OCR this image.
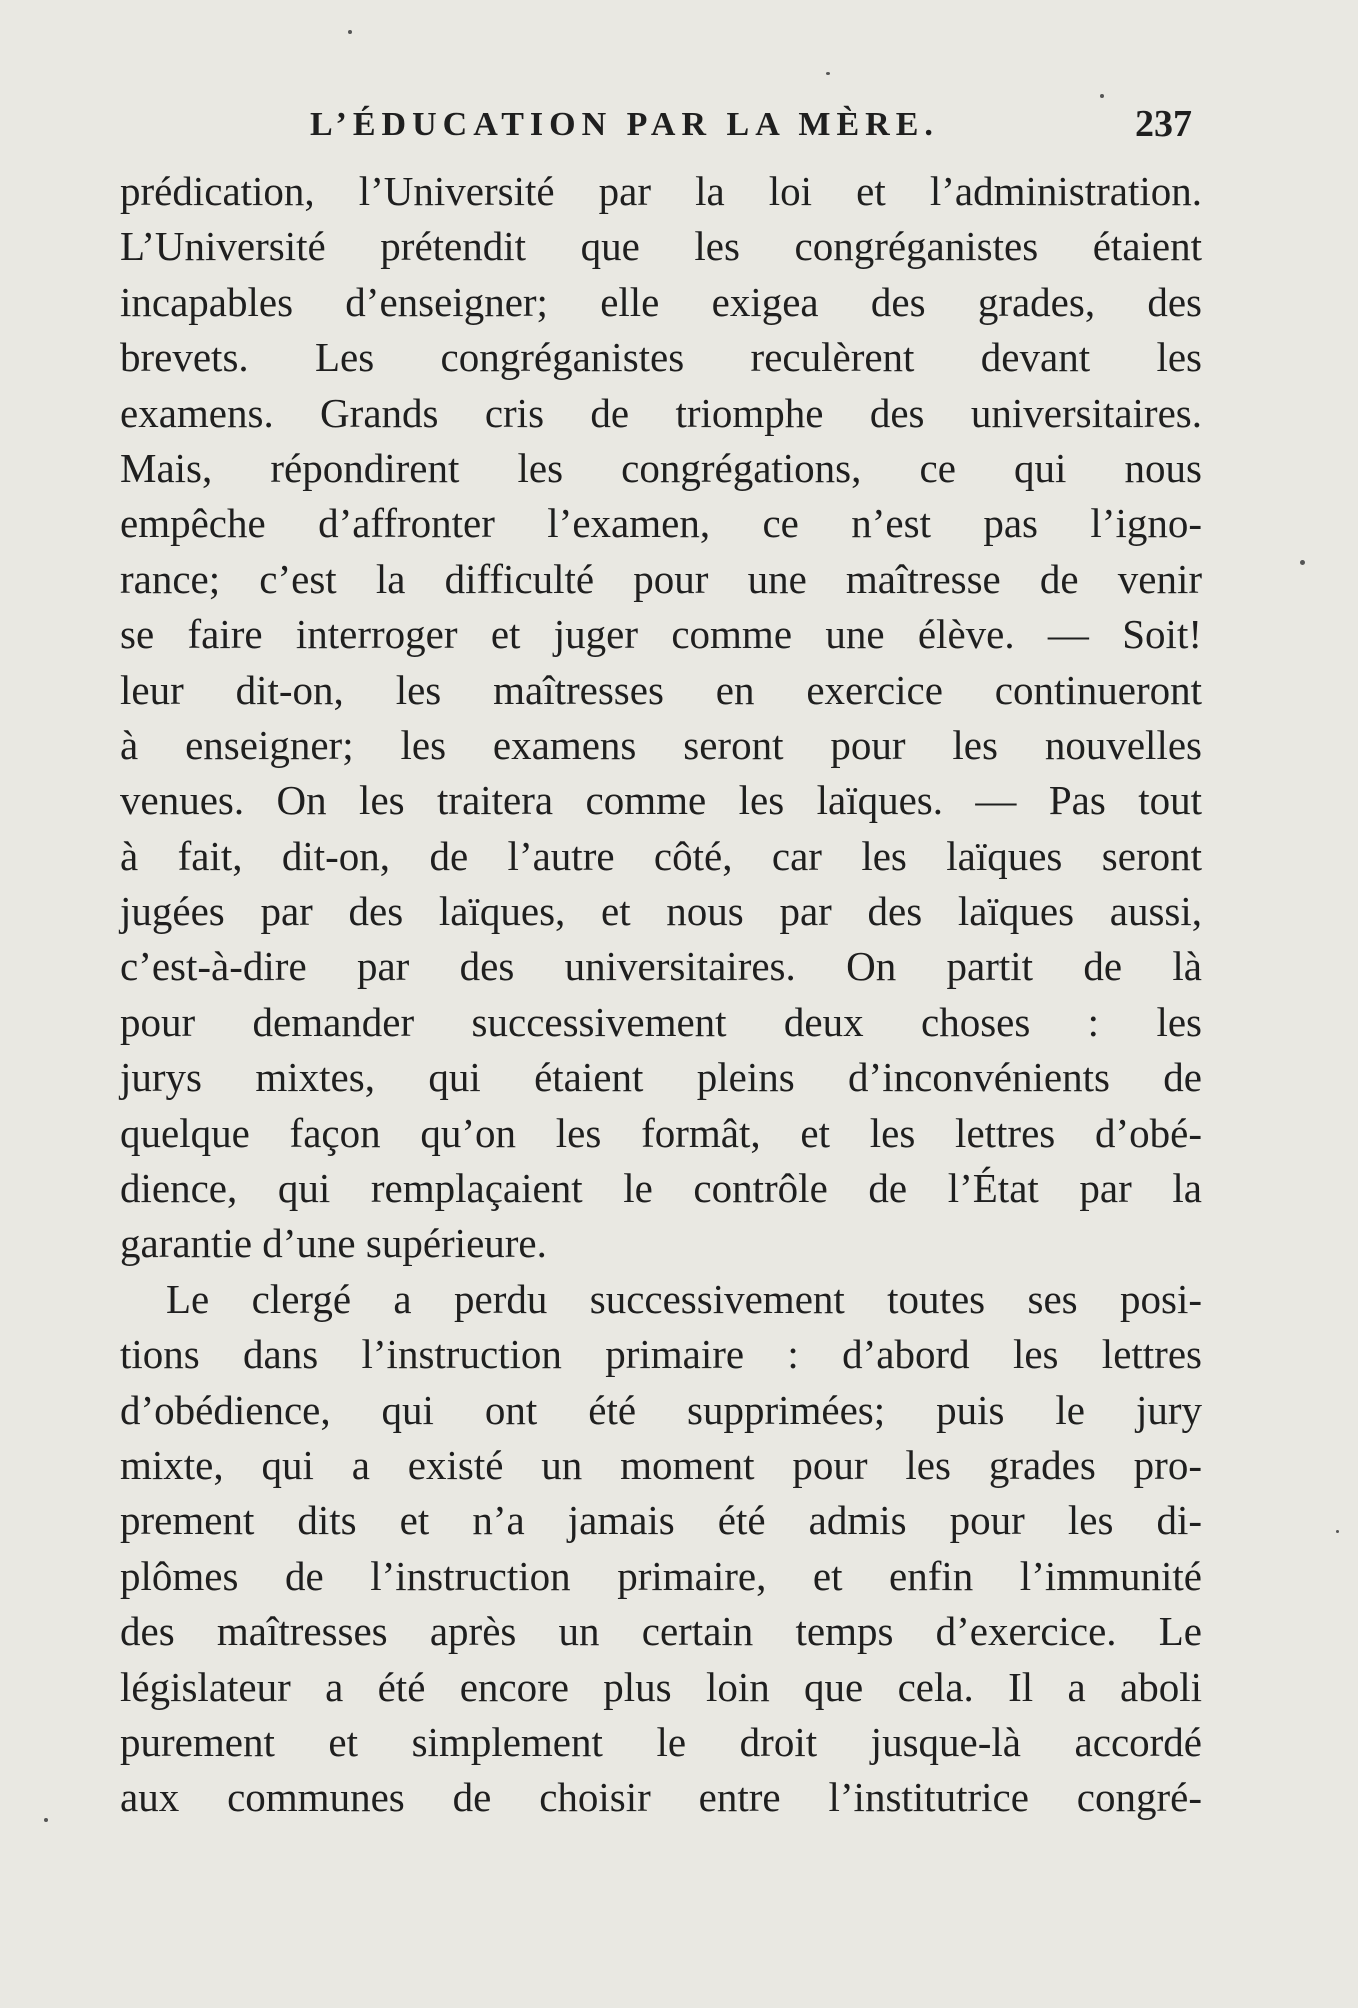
L’ÉDUCATION PAR LA MÈRE.	237
prédication, l’Université par la loi et l’administration.
L’Université prétendit que les congréganistes étaient
incapables d’enseigner; elle exigea des grades, des
brevets. Les congréganistes reculèrent devant les
examens. Grands cris de triomphe des universitaires.
Mais, répondirent les congrégations, ce qui nous
empêche d’affronter l’examen, ce n’est pas l’igno-
rance; c’est la difficulté pour une maîtresse de venir
se faire interroger et juger comme une élève. — Soit!
leur dit-on, les maîtresses en exercice continueront
à enseigner; les examens seront pour les nouvelles
venues. On les traitera comme les laïques. — Pas tout
à fait, dit-on, de l’autre côté, car les laïques seront
jugées par des laïques, et nous par des laïques aussi,
c’est-à-dire par des universitaires. On partit de là
pour demander successivement deux choses : les
jurys mixtes, qui étaient pleins d’inconvénients de
quelque façon qu’on les formât, et les lettres d’obé-
dience, qui remplaçaient le contrôle de l’État par la
garantie d’une supérieure.
Le clergé a perdu successivement toutes ses posi-
tions dans l’instruction primaire : d’abord les lettres
d’obédience, qui ont été supprimées; puis le jury
mixte, qui a existé un moment pour les grades pro-
prement dits et n’a jamais été admis pour les di-
plômes de l’instruction primaire, et enfin l’immunité
des maîtresses après un certain temps d’exercice. Le
législateur a été encore plus loin que cela. Il a aboli
purement et simplement le droit jusque-là accordé
aux communes de choisir entre l’institutrice congré-
